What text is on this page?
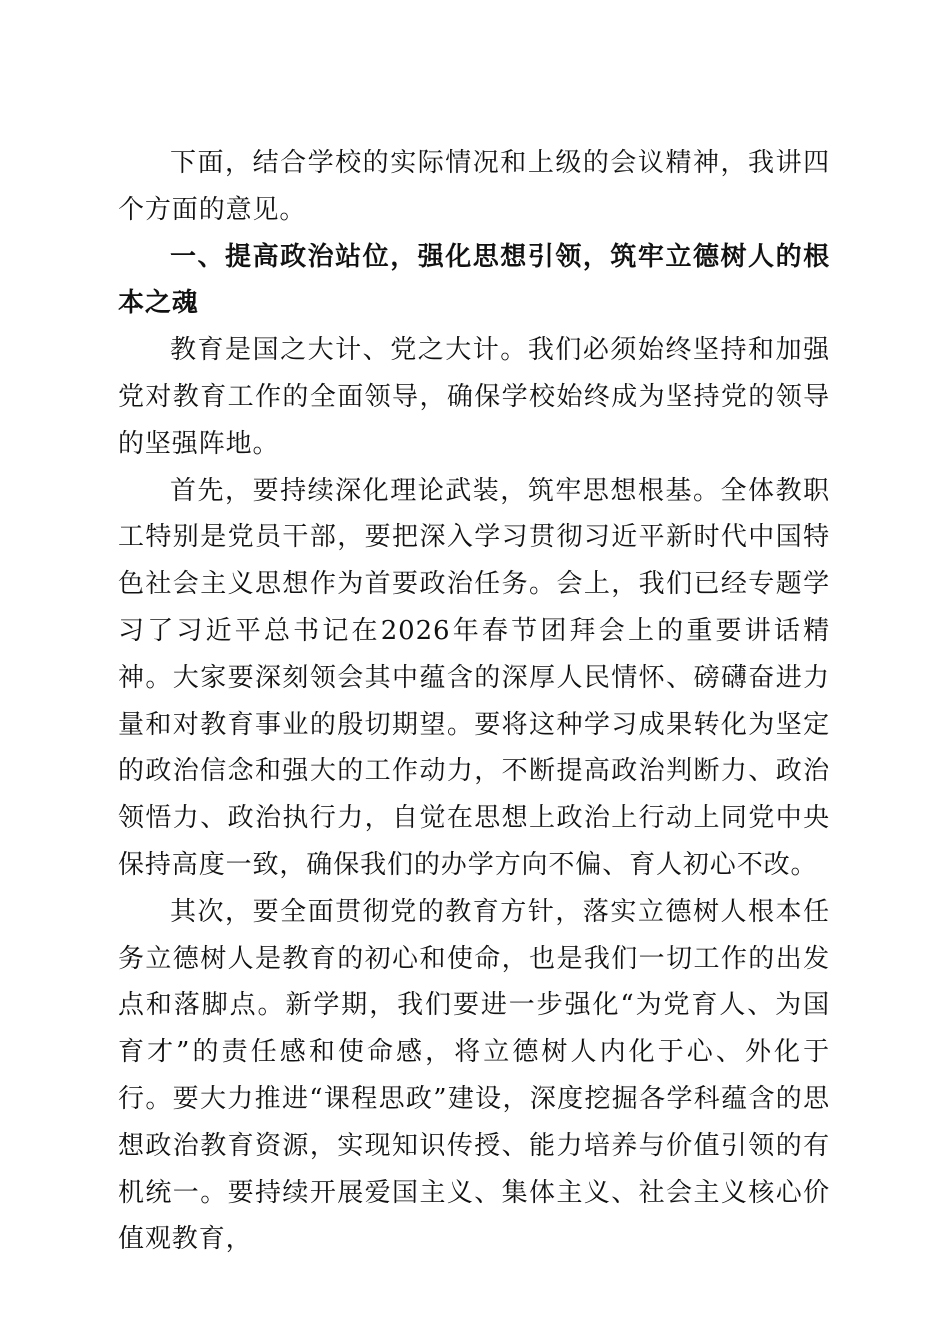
下面，结合学校的实际情况和上级的会议精神，我讲四个方面的意见。

一、提高政治站位，强化思想引领，筑牢立德树人的根本之魂

教育是国之大计、党之大计。我们必须始终坚持和加强党对教育工作的全面领导，确保学校始终成为坚持党的领导的坚强阵地。

首先，要持续深化理论武装，筑牢思想根基。全体教职工特别是党员干部，要把深入学习贯彻习近平新时代中国特色社会主义思想作为首要政治任务。会上，我们已经专题学习了习近平总书记在2026年春节团拜会上的重要讲话精神。大家要深刻领会其中蕴含的深厚人民情怀、磅礴奋进力量和对教育事业的殷切期望。要将这种学习成果转化为坚定的政治信念和强大的工作动力，不断提高政治判断力、政治领悟力、政治执行力，自觉在思想上政治上行动上同党中央保持高度一致，确保我们的办学方向不偏、育人初心不改。

其次，要全面贯彻党的教育方针，落实立德树人根本任务立德树人是教育的初心和使命，也是我们一切工作的出发点和落脚点。新学期，我们要进一步强化“为党育人、为国育才”的责任感和使命感，将立德树人内化于心、外化于行。要大力推进“课程思政”建设，深度挖掘各学科蕴含的思想政治教育资源，实现知识传授、能力培养与价值引领的有机统一。要持续开展爱国主义、集体主义、社会主义核心价值观教育，
